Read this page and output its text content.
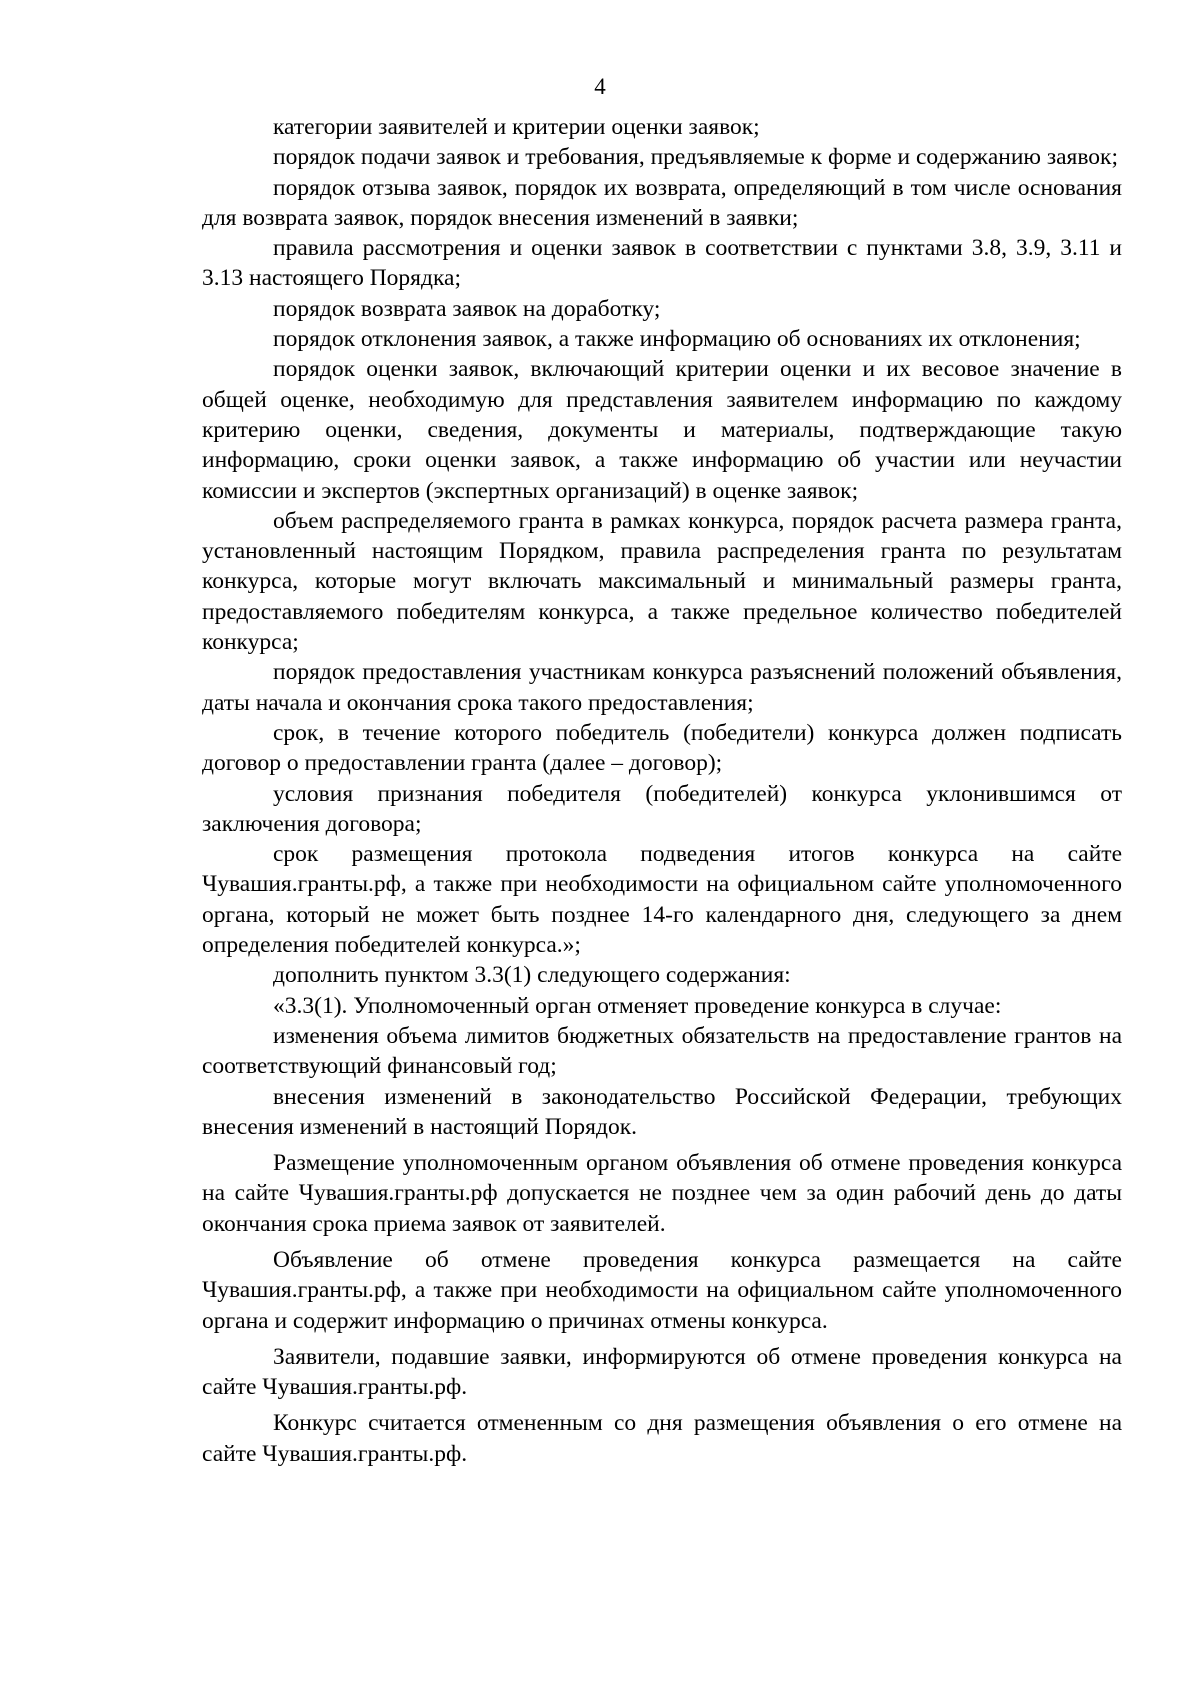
4

категории заявителей и критерии оценки заявок;

порядок подачи заявок и требования, предъявляемые к форме и содержанию заявок;

порядок отзыва заявок, порядок их возврата, определяющий в том числе основания для возврата заявок, порядок внесения изменений в заявки;

правила рассмотрения и оценки заявок в соответствии с пунктами 3.8, 3.9, 3.11 и 3.13 настоящего Порядка;

порядок возврата заявок на доработку;

порядок отклонения заявок, а также информацию об основаниях их отклонения;

порядок оценки заявок, включающий критерии оценки и их весовое значение в общей оценке, необходимую для представления заявителем информацию по каждому критерию оценки, сведения, документы и материалы, подтверждающие такую информацию, сроки оценки заявок, а также информацию об участии или неучастии комиссии и экспертов (экспертных организаций) в оценке заявок;

объем распределяемого гранта в рамках конкурса, порядок расчета размера гранта, установленный настоящим Порядком, правила распределения гранта по результатам конкурса, которые могут включать максимальный и минимальный размеры гранта, предоставляемого победителям конкурса, а также предельное количество победителей конкурса;

порядок предоставления участникам конкурса разъяснений положений объявления, даты начала и окончания срока такого предоставления;

срок, в течение которого победитель (победители) конкурса должен подписать договор о предоставлении гранта (далее – договор);

условия признания победителя (победителей) конкурса уклонившимся от заключения договора;

срок размещения протокола подведения итогов конкурса на сайте Чувашия.гранты.рф, а также при необходимости на официальном сайте уполномоченного органа, который не может быть позднее 14-го календарного дня, следующего за днем определения победителей конкурса.»;

дополнить пунктом 3.3(1) следующего содержания:

«3.3(1). Уполномоченный орган отменяет проведение конкурса в случае:

изменения объема лимитов бюджетных обязательств на предоставление грантов на соответствующий финансовый год;

внесения изменений в законодательство Российской Федерации, требующих внесения изменений в настоящий Порядок.

Размещение уполномоченным органом объявления об отмене проведения конкурса на сайте Чувашия.гранты.рф допускается не позднее чем за один рабочий день до даты окончания срока приема заявок от заявителей.

Объявление об отмене проведения конкурса размещается на сайте Чувашия.гранты.рф, а также при необходимости на официальном сайте уполномоченного органа и содержит информацию о причинах отмены конкурса.

Заявители, подавшие заявки, информируются об отмене проведения конкурса на сайте Чувашия.гранты.рф.

Конкурс считается отмененным со дня размещения объявления о его отмене на сайте Чувашия.гранты.рф.
